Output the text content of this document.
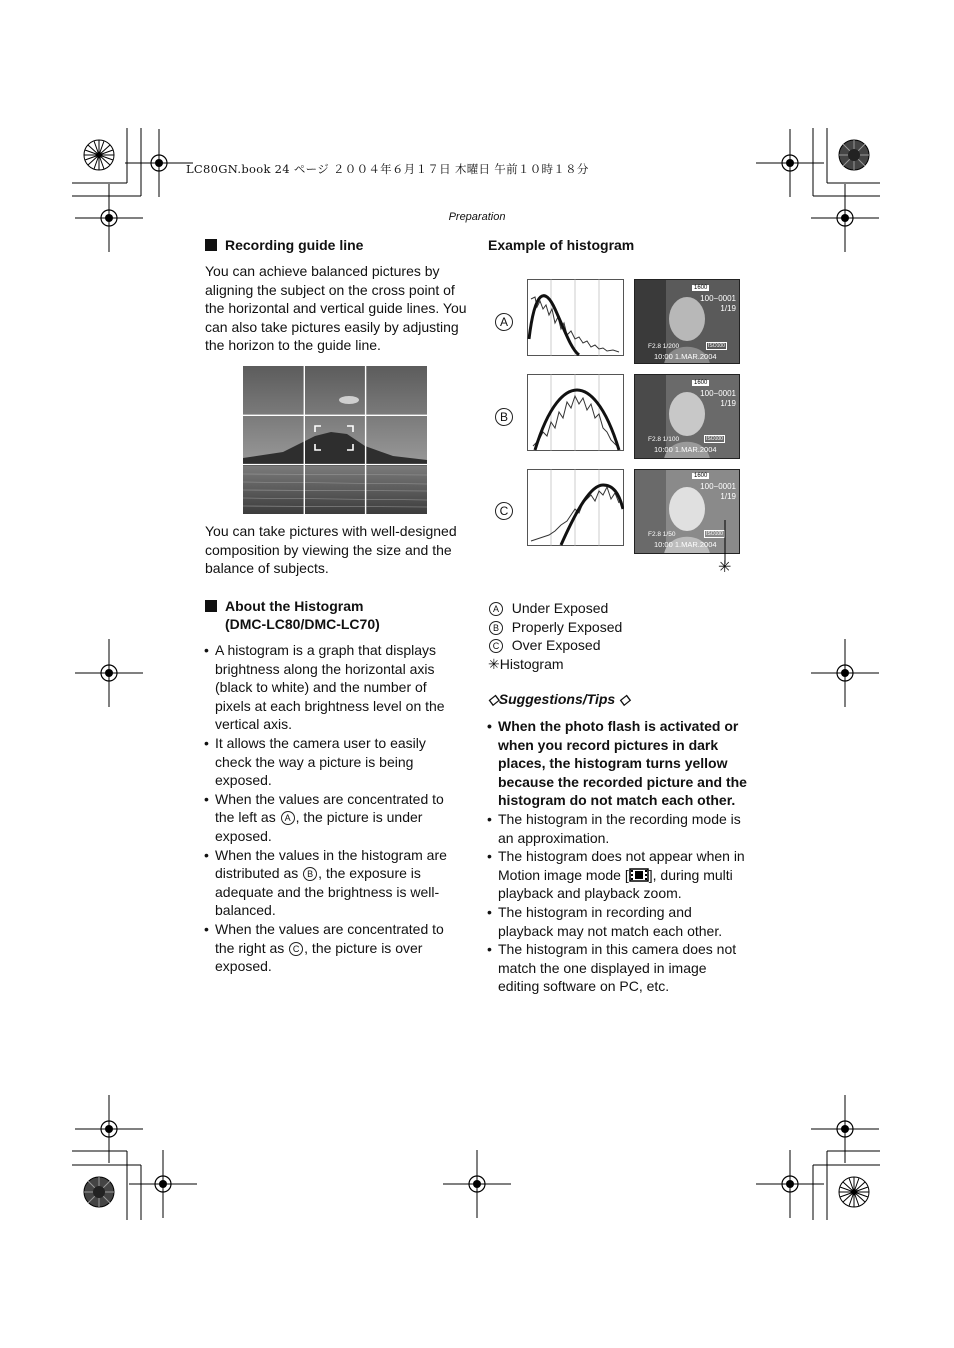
LC80GN.book 24 ページ ２００４年６月１７日 木曜日 午前１０時１８分
Preparation
Recording guide line
You can achieve balanced pictures by aligning the subject on the cross point of the horizontal and vertical guide lines. You can also take pictures easily by adjusting the horizon to the guide line.
You can take pictures with well-designed composition by viewing the size and the balance of subjects.
About the Histogram
(DMC-LC80/DMC-LC70)
• A histogram is a graph that displays brightness along the horizontal axis (black to white) and the number of pixels at each brightness level on the vertical axis.
• It allows the camera user to easily check the way a picture is being exposed.
• When the values are concentrated to the left as A , the picture is under exposed.
• When the values in the histogram are distributed as B , the exposure is adequate and the brightness is well-balanced.
• When the values are concentrated to the right as C , the picture is over exposed.
Example of histogram
A
B
C
1600
100−0001
1/19
F2.8 1/200	ISO100
10:00 1.MAR.2004
1600
100−0001
1/19
F2.8 1/100	ISO100
10:00 1.MAR.2004
1600
100−0001
1/19
F2.8 1/50	ISO100
10:00 1.MAR.2004
✳
A Under Exposed
B Properly Exposed
C Over Exposed
✳Histogram
◇Suggestions/Tips ◇
• When the photo flash is activated or when you record pictures in dark places, the histogram turns yellow because the recorded picture and the histogram do not match each other.
• The histogram in the recording mode is an approximation.
• The histogram does not appear when in Motion image mode [ ], during multi playback and playback zoom.
• The histogram in recording and playback may not match each other.
• The histogram in this camera does not match the one displayed in image editing software on PC, etc.
